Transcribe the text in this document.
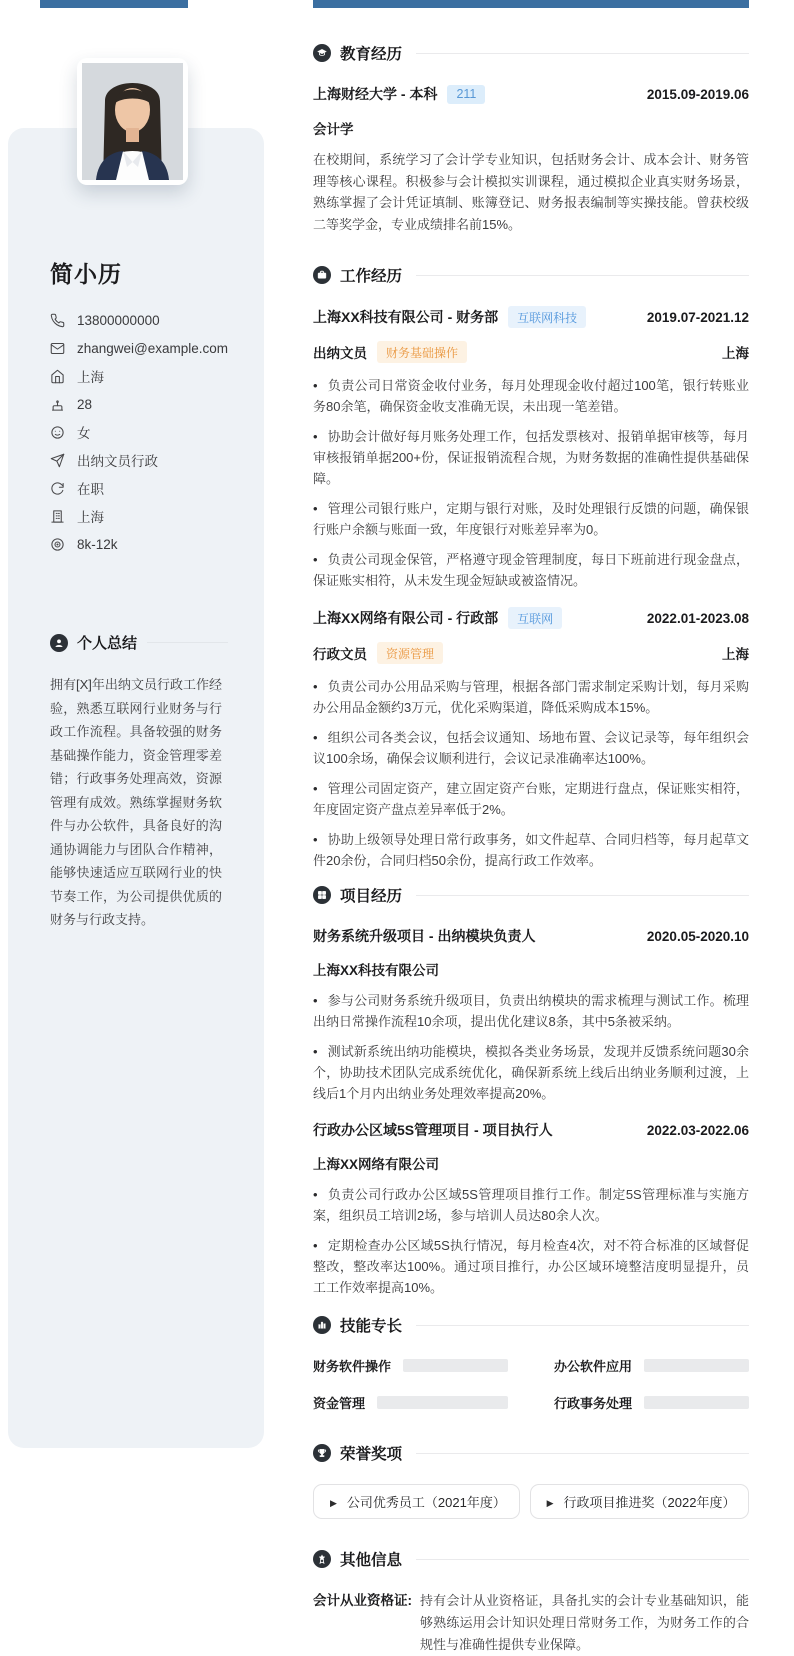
简小历
13800000000
zhangwei@example.com
上海
28
女
出纳文员行政
在职
上海
8k-12k
个人总结

拥有[X]年出纳文员行政工作经验，熟悉互联网行业财务与行政工作流程。具备较强的财务基础操作能力，资金管理零差错；行政事务处理高效，资源管理有成效。熟练掌握财务软件与办公软件，具备良好的沟通协调能力与团队合作精神，能够快速适应互联网行业的快节奏工作，为公司提供优质的财务与行政支持。

教育经历
上海财经大学 - 本科	211	2015.09-2019.06
会计学

在校期间，系统学习了会计学专业知识，包括财务会计、成本会计、财务管理等核心课程。积极参与会计模拟实训课程，通过模拟企业真实财务场景，熟练掌握了会计凭证填制、账簿登记、财务报表编制等实操技能。曾获校级二等奖学金，专业成绩排名前15%。

工作经历
上海XX科技有限公司 - 财务部	互联网科技	2019.07-2021.12
出纳文员	财务基础操作	上海

• 负责公司日常资金收付业务，每月处理现金收付超过100笔，银行转账业务80余笔，确保资金收支准确无误，未出现一笔差错。

• 协助会计做好每月账务处理工作，包括发票核对、报销单据审核等，每月审核报销单据200+份，保证报销流程合规，为财务数据的准确性提供基础保障。

• 管理公司银行账户，定期与银行对账，及时处理银行反馈的问题，确保银行账户余额与账面一致，年度银行对账差异率为0。

• 负责公司现金保管，严格遵守现金管理制度，每日下班前进行现金盘点，保证账实相符，从未发生现金短缺或被盗情况。

上海XX网络有限公司 - 行政部	互联网	2022.01-2023.08
行政文员	资源管理	上海

• 负责公司办公用品采购与管理，根据各部门需求制定采购计划，每月采购办公用品金额约3万元，优化采购渠道，降低采购成本15%。

• 组织公司各类会议，包括会议通知、场地布置、会议记录等，每年组织会议100余场，确保会议顺利进行，会议记录准确率达100%。

• 管理公司固定资产，建立固定资产台账，定期进行盘点，保证账实相符，年度固定资产盘点差异率低于2%。

• 协助上级领导处理日常行政事务，如文件起草、合同归档等，每月起草文件20余份，合同归档50余份，提高行政工作效率。

项目经历
财务系统升级项目 - 出纳模块负责人	2020.05-2020.10
上海XX科技有限公司

• 参与公司财务系统升级项目，负责出纳模块的需求梳理与测试工作。梳理出纳日常操作流程10余项，提出优化建议8条，其中5条被采纳。

• 测试新系统出纳功能模块，模拟各类业务场景，发现并反馈系统问题30余个，协助技术团队完成系统优化，确保新系统上线后出纳业务顺利过渡，上线后1个月内出纳业务处理效率提高20%。

行政办公区域5S管理项目 - 项目执行人	2022.03-2022.06
上海XX网络有限公司

• 负责公司行政办公区域5S管理项目推行工作。制定5S管理标准与实施方案，组织员工培训2场，参与培训人员达80余人次。

• 定期检查办公区域5S执行情况，每月检查4次，对不符合标准的区域督促整改，整改率达100%。通过项目推行，办公区域环境整洁度明显提升，员工工作效率提高10%。

技能专长
财务软件操作	办公软件应用
资金管理	行政事务处理
荣誉奖项
▶
公司优秀员工（2021年度）
▶	行政项目推进奖（2022年度）
其他信息
会计从业资格证: 持有会计从业资格证，具备扎实的会计专业基础知识，能够熟练运用会计知识处理日常财务工作，为财务工作的合规性与准确性提供专业保障。
